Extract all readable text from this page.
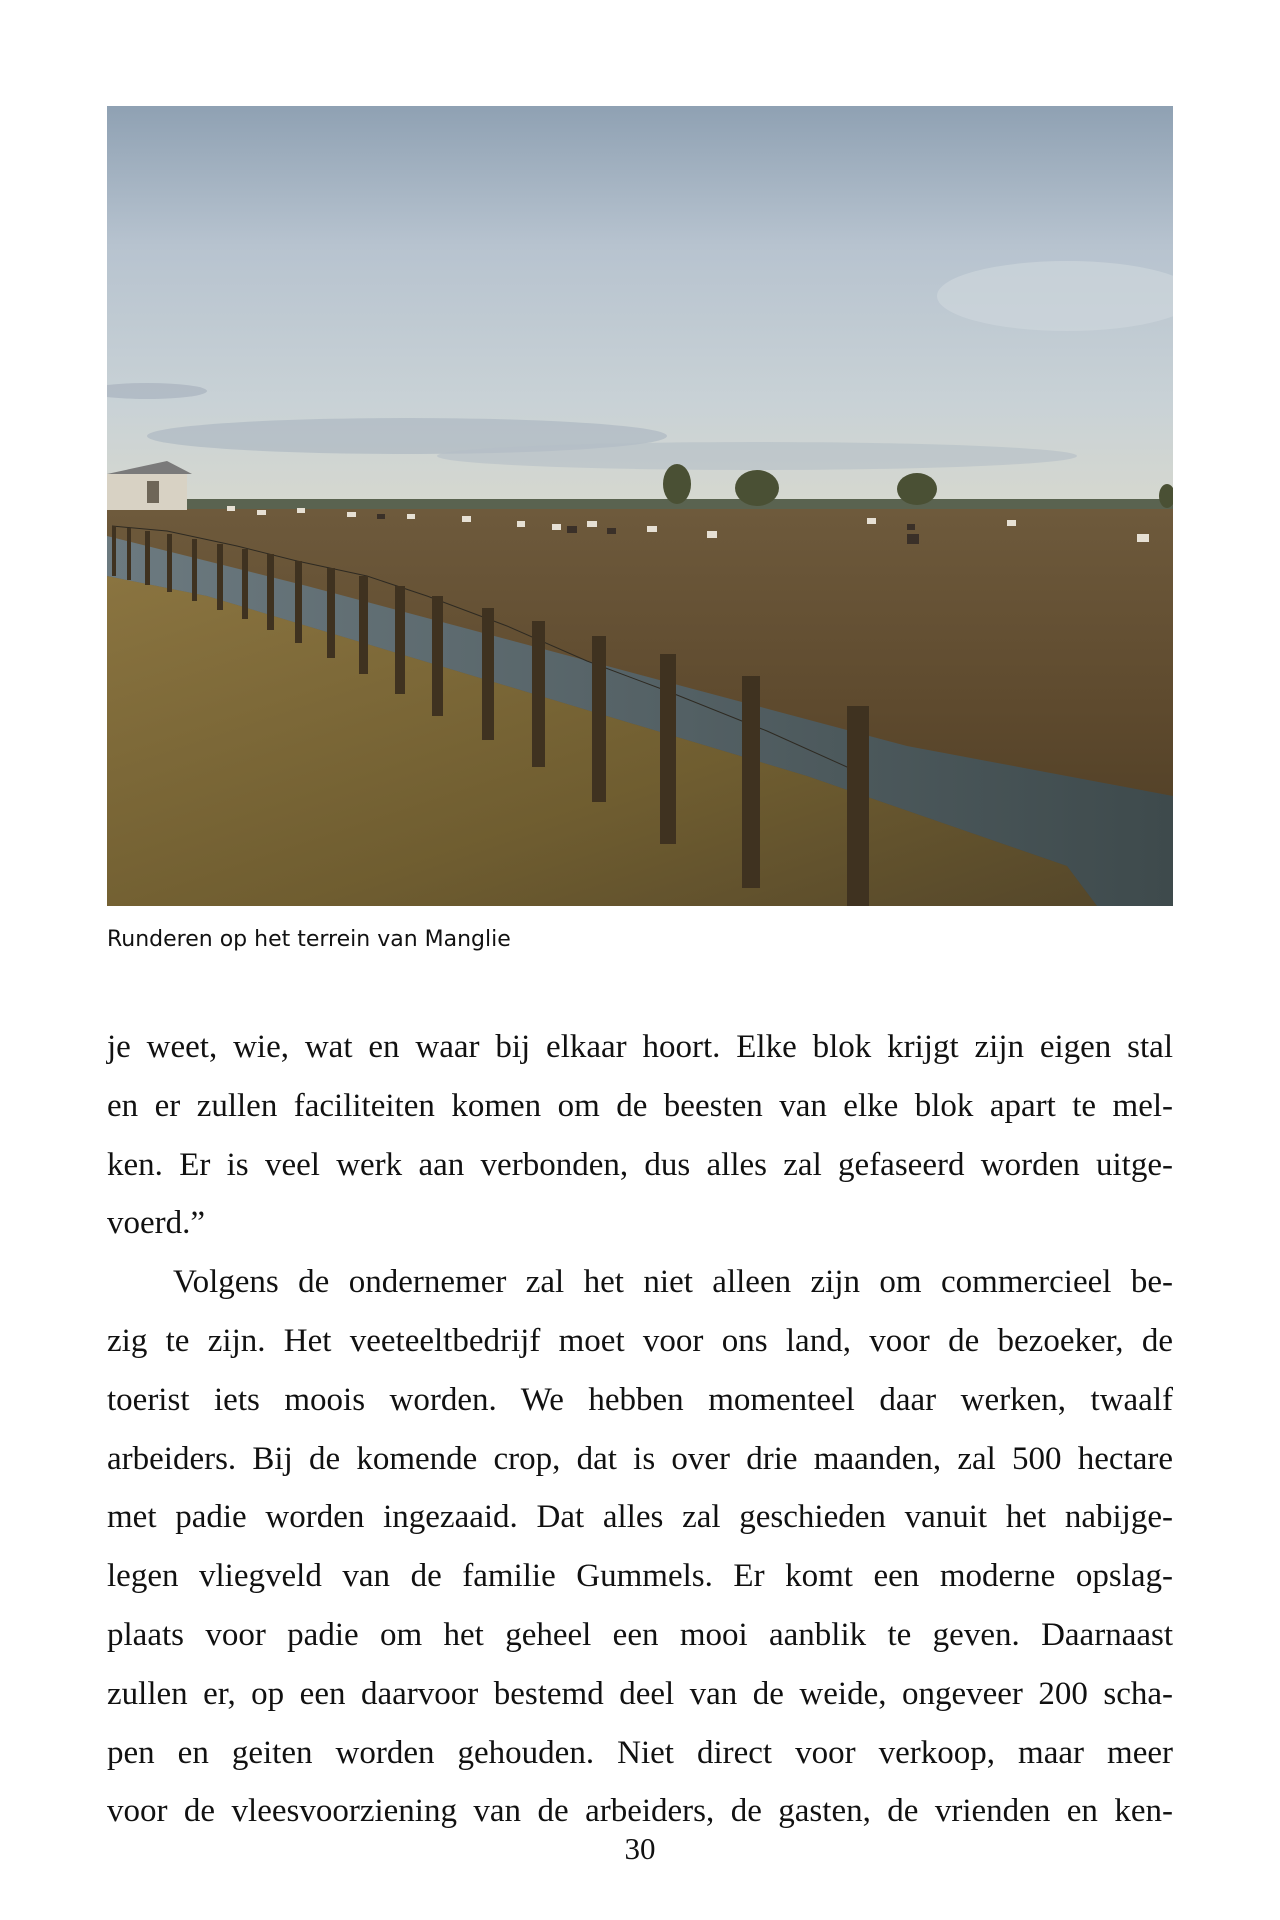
Runderen op het terrein van Manglie
je weet, wie, wat en waar bij elkaar hoort. Elke blok krijgt zijn eigen stal
en er zullen faciliteiten komen om de beesten van elke blok apart te mel-
ken. Er is veel werk aan verbonden, dus alles zal gefaseerd worden uitge-
voerd.”
Volgens de ondernemer zal het niet alleen zijn om commercieel be-
zig te zijn. Het veeteeltbedrijf moet voor ons land, voor de bezoeker, de
toerist iets moois worden. We hebben momenteel daar werken, twaalf
arbeiders. Bij de komende crop, dat is over drie maanden, zal 500 hectare
met padie worden ingezaaid. Dat alles zal geschieden vanuit het nabijge-
legen vliegveld van de familie Gummels. Er komt een moderne opslag-
plaats voor padie om het geheel een mooi aanblik te geven. Daarnaast
zullen er, op een daarvoor bestemd deel van de weide, ongeveer 200 scha-
pen en geiten worden gehouden. Niet direct voor verkoop, maar meer
voor de vleesvoorziening van de arbeiders, de gasten, de vrienden en ken-
30
